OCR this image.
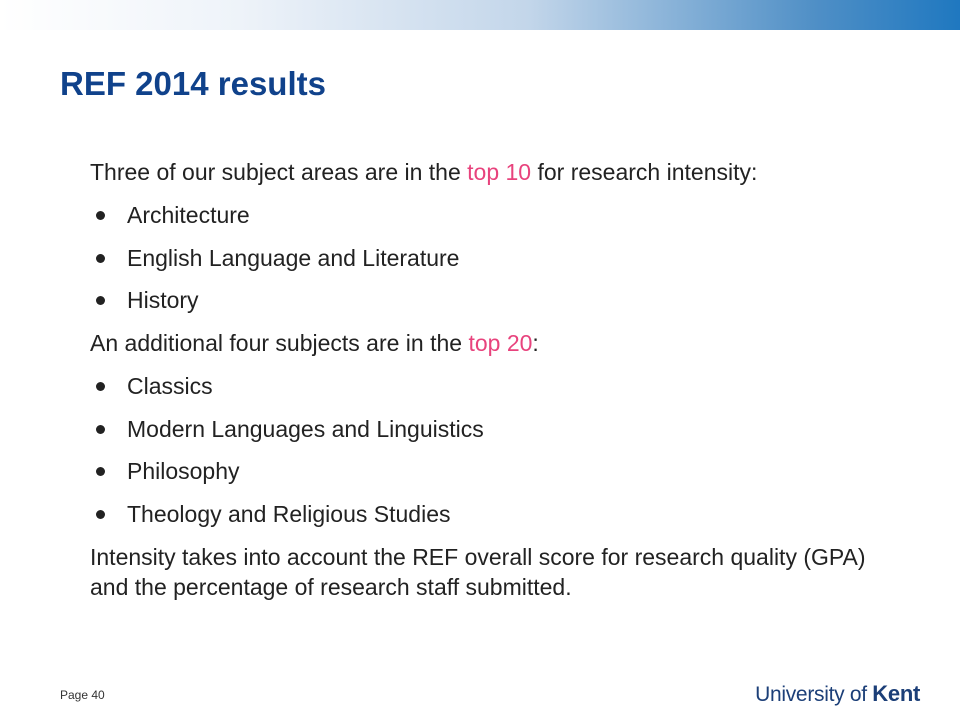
REF 2014 results

Three of our subject areas are in the top 10 for research intensity:

Architecture
English Language and Literature
History

An additional four subjects are in the top 20:

Classics
Modern Languages and Linguistics
Philosophy
Theology and Religious Studies

Intensity takes into account the REF overall score for research quality (GPA) and the percentage of research staff submitted.

Page 40	University of Kent
